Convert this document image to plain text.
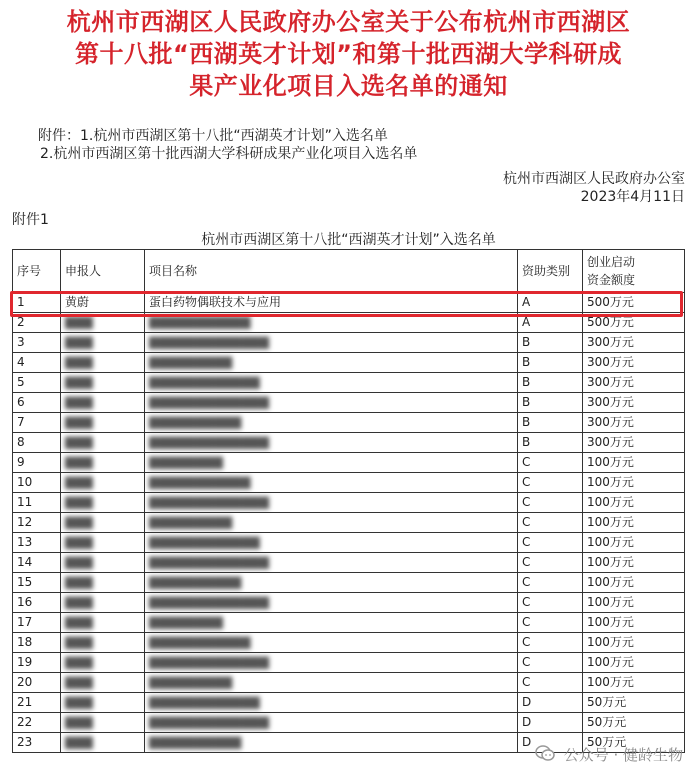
杭州市西湖区人民政府办公室关于公布杭州市西湖区
第十八批“西湖英才计划”和第十批西湖大学科研成
果产业化项目入选名单的通知
附件：1.杭州市西湖区第十八批“西湖英才计划”入选名单
2.杭州市西湖区第十批西湖大学科研成果产业化项目入选名单
杭州市西湖区人民政府办公室
2023年4月11日
附件1
杭州市西湖区第十八批“西湖英才计划”入选名单
序号	申报人	项目名称	资助类别	创业启动
资金额度

1	黄蔚	蛋白药物偶联技术与应用	A	500万元
2	▇▇▇	▇▇▇▇▇▇▇▇▇▇▇	A	500万元
3	▇▇▇	▇▇▇▇▇▇▇▇▇▇▇▇▇	B	300万元
4	▇▇▇	▇▇▇▇▇▇▇▇▇	B	300万元
5	▇▇▇	▇▇▇▇▇▇▇▇▇▇▇▇	B	300万元
6	▇▇▇	▇▇▇▇▇▇▇▇▇▇▇▇▇	B	300万元
7	▇▇▇	▇▇▇▇▇▇▇▇▇▇	B	300万元
8	▇▇▇	▇▇▇▇▇▇▇▇▇▇▇▇▇	B	300万元
9	▇▇▇	▇▇▇▇▇▇▇▇	C	100万元
10	▇▇▇	▇▇▇▇▇▇▇▇▇▇▇	C	100万元
11	▇▇▇	▇▇▇▇▇▇▇▇▇▇▇▇▇	C	100万元
12	▇▇▇	▇▇▇▇▇▇▇▇▇	C	100万元
13	▇▇▇	▇▇▇▇▇▇▇▇▇▇▇▇	C	100万元
14	▇▇▇	▇▇▇▇▇▇▇▇▇▇▇▇▇	C	100万元
15	▇▇▇	▇▇▇▇▇▇▇▇▇▇	C	100万元
16	▇▇▇	▇▇▇▇▇▇▇▇▇▇▇▇▇	C	100万元
17	▇▇▇	▇▇▇▇▇▇▇▇	C	100万元
18	▇▇▇	▇▇▇▇▇▇▇▇▇▇▇	C	100万元
19	▇▇▇	▇▇▇▇▇▇▇▇▇▇▇▇▇	C	100万元
20	▇▇▇	▇▇▇▇▇▇▇▇▇	C	100万元
21	▇▇▇	▇▇▇▇▇▇▇▇▇▇▇▇	D	50万元
22	▇▇▇	▇▇▇▇▇▇▇▇▇▇▇▇▇	D	50万元
23	▇▇▇	▇▇▇▇▇▇▇▇▇▇	D	50万元
公众号 · 健龄生物
